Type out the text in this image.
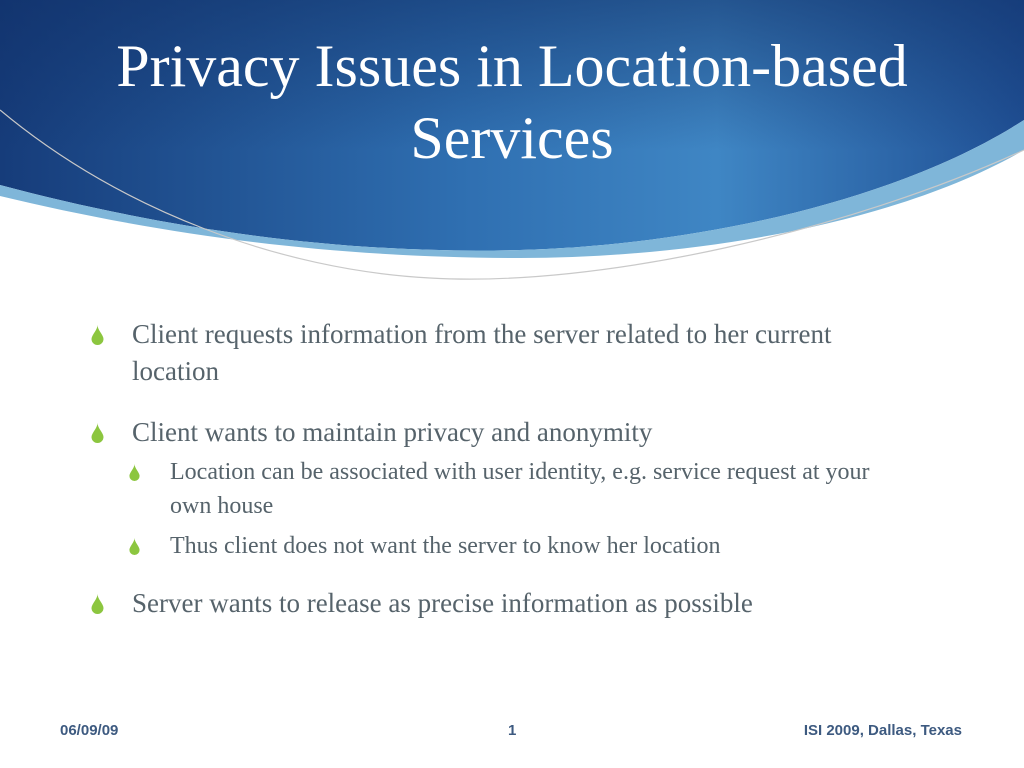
Privacy Issues in Location-based Services
Client requests information from the server related to her current location
Client wants to maintain privacy and anonymity
Location can be associated with user identity, e.g. service request at your own house
Thus client does not want the server to know her location
Server wants to release as precise information as possible
06/09/09	1	ISI 2009, Dallas, Texas
